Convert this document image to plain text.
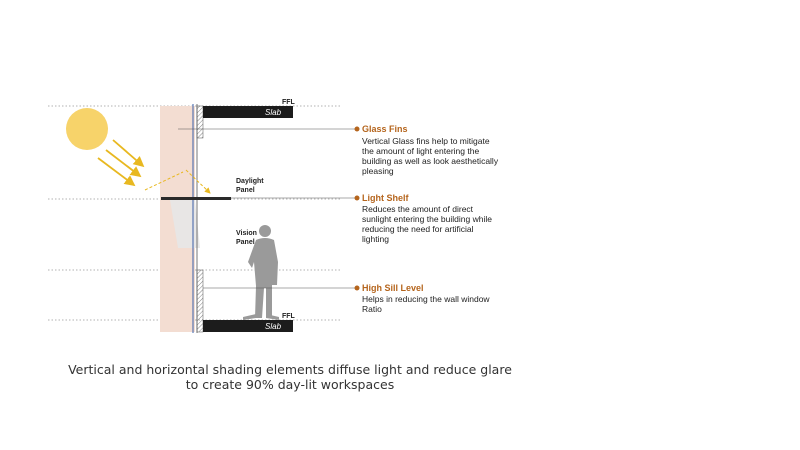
FFL
Slab
FFL
Slab
Daylight
Panel
Vision
Panel
Glass Fins
Vertical Glass fins help to mitigate the amount of light entering the building as well as look aesthetically pleasing
Light Shelf
Reduces the amount of direct sunlight entering the building while reducing the need for artificial lighting
High Sill Level
Helps in reducing the wall window Ratio
Vertical and horizontal shading elements diffuse light and reduce glare to create 90% day-lit workspaces
